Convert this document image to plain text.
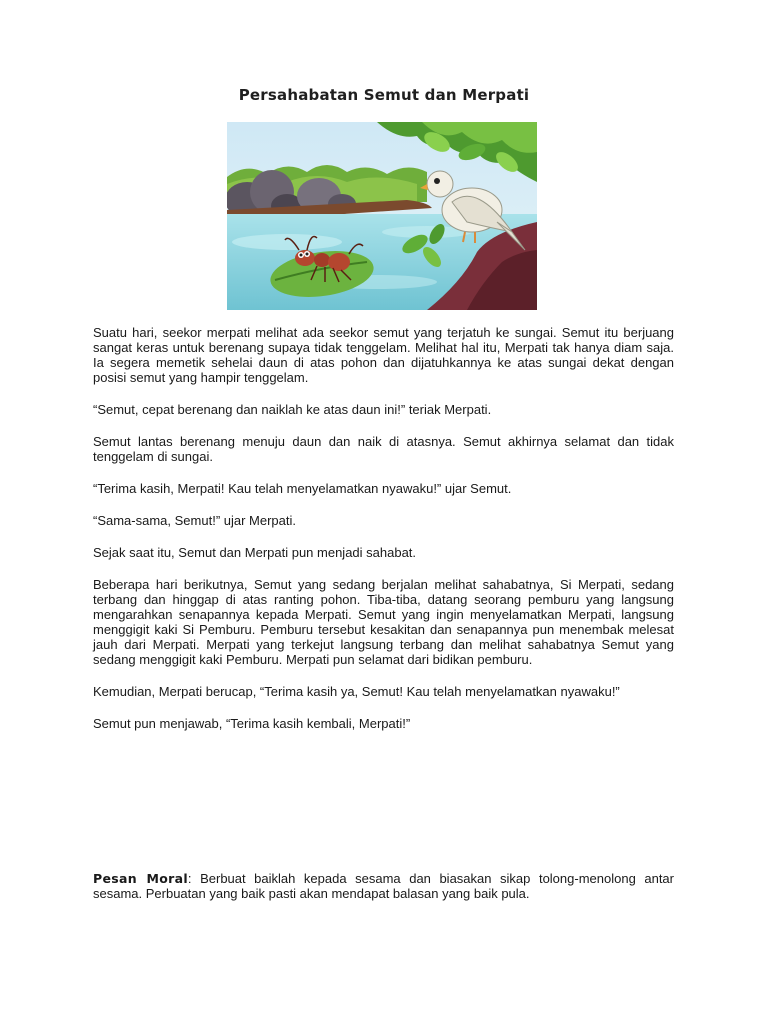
Persahabatan Semut dan Merpati

Suatu hari, seekor merpati melihat ada seekor semut yang terjatuh ke sungai. Semut itu berjuang sangat keras untuk berenang supaya tidak tenggelam. Melihat hal itu, Merpati tak hanya diam saja. Ia segera memetik sehelai daun di atas pohon dan dijatuhkannya ke atas sungai dekat dengan posisi semut yang hampir tenggelam.

“Semut, cepat berenang dan naiklah ke atas daun ini!” teriak Merpati.

Semut lantas berenang menuju daun dan naik di atasnya. Semut akhirnya selamat dan tidak tenggelam di sungai.

“Terima kasih, Merpati! Kau telah menyelamatkan nyawaku!” ujar Semut.

“Sama-sama, Semut!” ujar Merpati.

Sejak saat itu, Semut dan Merpati pun menjadi sahabat.

Beberapa hari berikutnya, Semut yang sedang berjalan melihat sahabatnya, Si Merpati, sedang terbang dan hinggap di atas ranting pohon. Tiba-tiba, datang seorang pemburu yang langsung mengarahkan senapannya kepada Merpati. Semut yang ingin menyelamatkan Merpati, langsung menggigit kaki Si Pemburu. Pemburu tersebut kesakitan dan senapannya pun menembak melesat jauh dari Merpati. Merpati yang terkejut langsung terbang dan melihat sahabatnya Semut yang sedang menggigit kaki Pemburu. Merpati pun selamat dari bidikan pemburu.

Kemudian, Merpati berucap, “Terima kasih ya, Semut! Kau telah menyelamatkan nyawaku!”

Semut pun menjawab, “Terima kasih kembali, Merpati!”

Pesan Moral: Berbuat baiklah kepada sesama dan biasakan sikap tolong-menolong antar sesama. Perbuatan yang baik pasti akan mendapat balasan yang baik pula.
